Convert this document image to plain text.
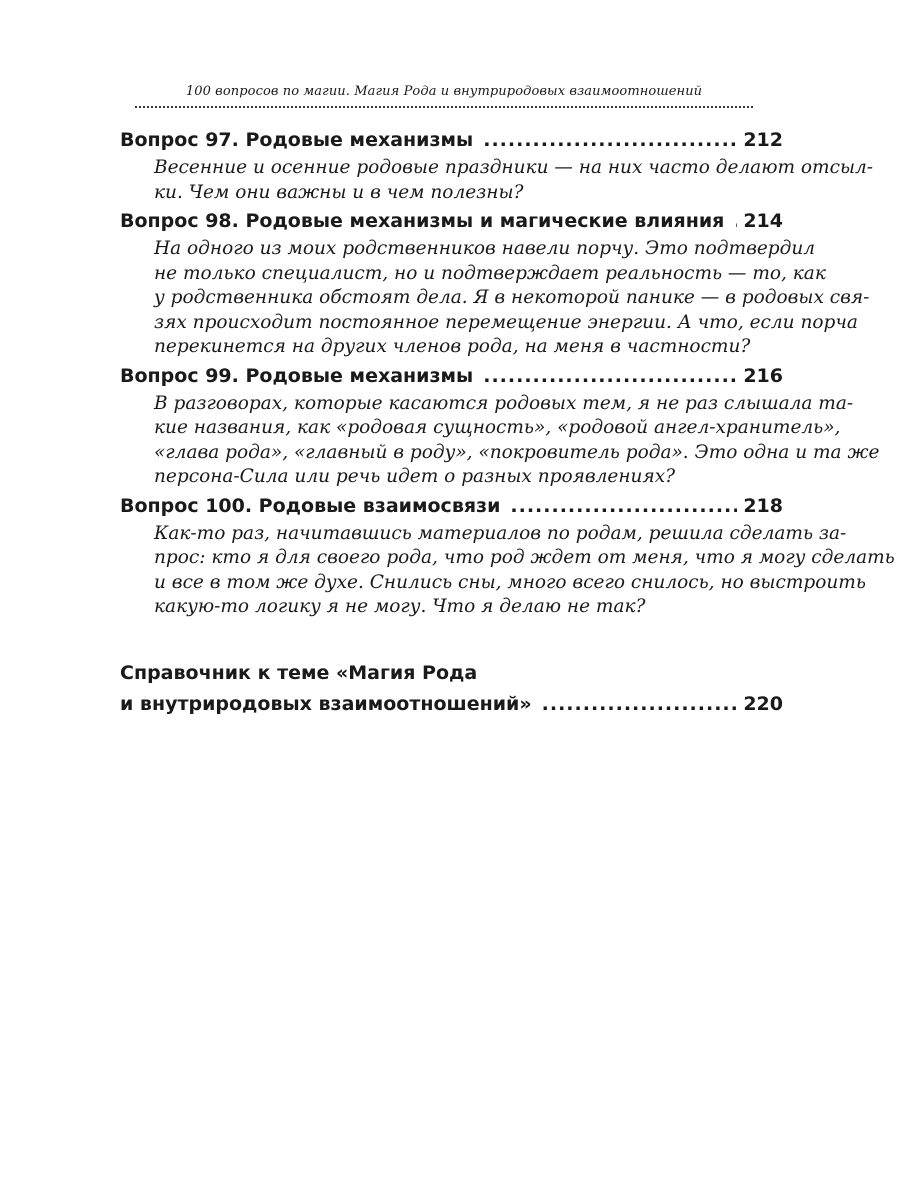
100 вопросов по магии. Магия Рода и внутриродовых взаимоотношений
Вопрос 97. Родовые механизмы .....	212
Весенние и осенние родовые праздники — на них часто делают отсыл-
ки. Чем они важны и в чем полезны?
Вопрос 98. Родовые механизмы и магические влияния ..... 214
На одного из моих родственников навели порчу. Это подтвердил
не только специалист, но и подтверждает реальность — то, как
у родственника обстоят дела. Я в некоторой панике — в родовых свя-
зях происходит постоянное перемещение энергии. А что, если порча
перекинется на других членов рода, на меня в частности?
Вопрос 99. Родовые механизмы .....	216
В разговорах, которые касаются родовых тем, я не раз слышала та-
кие названия, как «родовая сущность», «родовой ангел-хранитель»,
«глава рода», «главный в роду», «покровитель рода». Это одна и та же
персона-Сила или речь идет о разных проявлениях?
Вопрос 100. Родовые взаимосвязи .....	218
Как-то раз, начитавшись материалов по родам, решила сделать за-
прос: кто я для своего рода, что род ждет от меня, что я могу сделать
и все в том же духе. Снились сны, много всего снилось, но выстроить
какую-то логику я не могу. Что я делаю не так?
Справочник к теме «Магия Рода
и внутриродовых взаимоотношений» .....	220
